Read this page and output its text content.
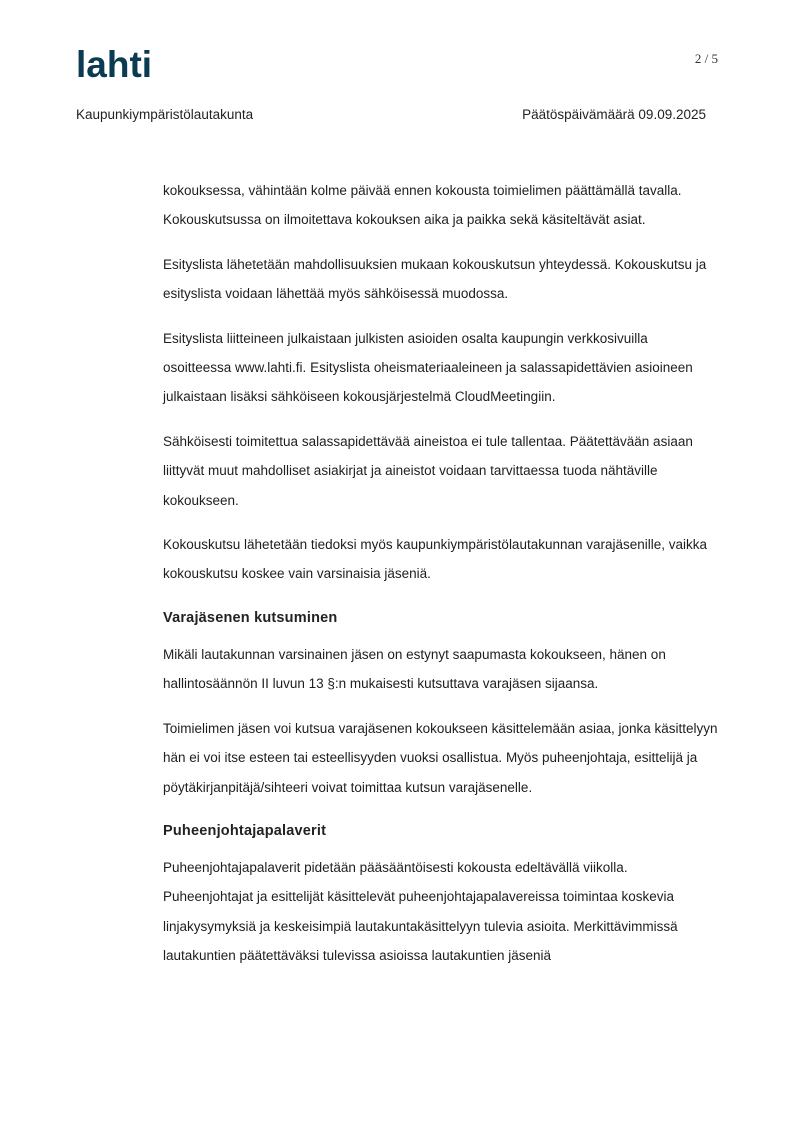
lahti	2 / 5
Kaupunkiympäristölautakunta	Päätöspäivämäärä 09.09.2025

kokouksessa, vähintään kolme päivää ennen kokousta toimielimen päättämällä tavalla. Kokouskutsussa on ilmoitettava kokouksen aika ja paikka sekä käsiteltävät asiat.

Esityslista lähetetään mahdollisuuksien mukaan kokouskutsun yhteydessä. Kokouskutsu ja esityslista voidaan lähettää myös sähköisessä muodossa.

Esityslista liitteineen julkaistaan julkisten asioiden osalta kaupungin verkkosivuilla osoitteessa www.lahti.fi. Esityslista oheismateriaaleineen ja salassapidettävien asioineen julkaistaan lisäksi sähköiseen kokousjärjestelmä CloudMeetingiin.

Sähköisesti toimitettua salassapidettävää aineistoa ei tule tallentaa. Päätettävään asiaan liittyvät muut mahdolliset asiakirjat ja aineistot voidaan tarvittaessa tuoda nähtäville kokoukseen.

Kokouskutsu lähetetään tiedoksi myös kaupunkiympäristölautakunnan varajäsenille, vaikka kokouskutsu koskee vain varsinaisia jäseniä.

Varajäsenen kutsuminen

Mikäli lautakunnan varsinainen jäsen on estynyt saapumasta kokoukseen, hänen on hallintosäännön II luvun 13 §:n mukaisesti kutsuttava varajäsen sijaansa.

Toimielimen jäsen voi kutsua varajäsenen kokoukseen käsittelemään asiaa, jonka käsittelyyn hän ei voi itse esteen tai esteellisyyden vuoksi osallistua. Myös puheenjohtaja, esittelijä ja pöytäkirjanpitäjä/sihteeri voivat toimittaa kutsun varajäsenelle.

Puheenjohtajapalaverit

Puheenjohtajapalaverit pidetään pääsääntöisesti kokousta edeltävällä viikolla. Puheenjohtajat ja esittelijät käsittelevät puheenjohtajapalavereissa toimintaa koskevia linjakysymyksiä ja keskeisimpiä lautakuntakäsittelyyn tulevia asioita. Merkittävimmissä lautakuntien päätettäväksi tulevissa asioissa lautakuntien jäseniä
